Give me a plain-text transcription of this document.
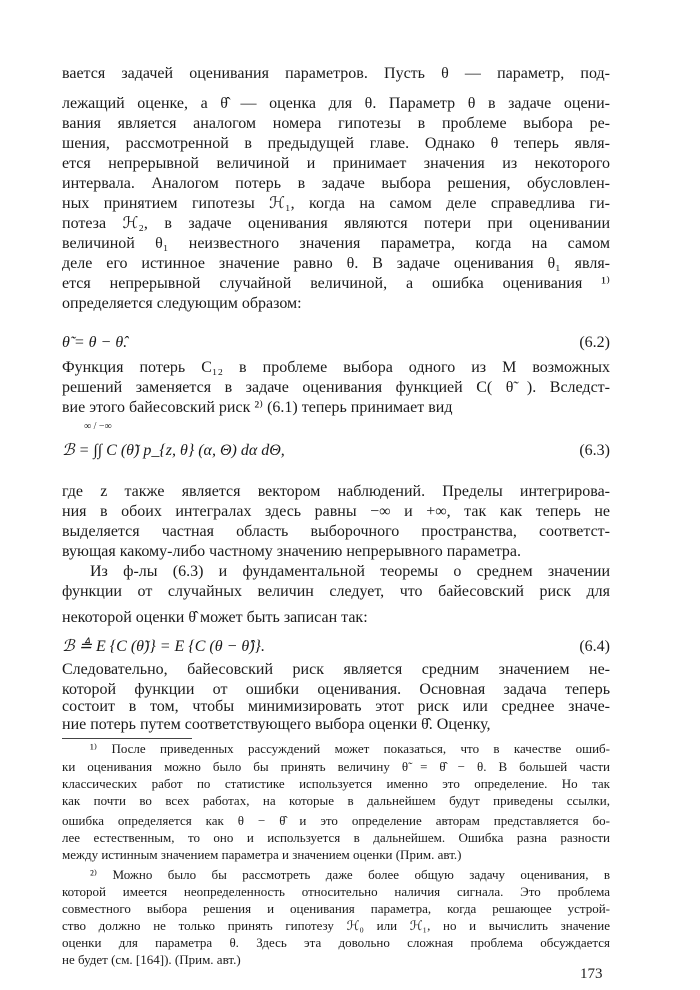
вается задачей оценивания параметров. Пусть θ — параметр, под-
лежащий оценке, а θ̂ — оценка для θ. Параметр θ в задаче оцени-
вания является аналогом номера гипотезы в проблеме выбора ре-
шения, рассмотренной в предыдущей главе. Однако θ теперь явля-
ется непрерывной величиной и принимает значения из некоторого
интервала. Аналогом потерь в задаче выбора решения, обусловлен-
ных принятием гипотезы ℋ₁, когда на самом деле справедлива ги-
потеза ℋ₂, в задаче оценивания являются потери при оценивании
величиной θ₁ неизвестного значения параметра, когда на самом
деле его истинное значение равно θ. В задаче оценивания θ₁ явля-
ется непрерывной случайной величиной, а ошибка оценивания ¹⁾
определяется следующим образом:
θ̃ = θ − θ̂.	(6.2)
Функция потерь C₁₂ в проблеме выбора одного из M возможных
решений заменяется в задаче оценивания функцией C( θ̃ ). Вследст-
вие этого байесовский риск ²⁾ (6.1) теперь принимает вид
ℬ = ∫∫ C (θ̃) p_{z, θ} (α, Θ) dα dΘ,
∞ / −∞
(6.3)
где z также является вектором наблюдений. Пределы интегрирова-
ния в обоих интегралах здесь равны −∞ и +∞, так как теперь не
выделяется частная область выборочного пространства, соответст-
вующая какому-либо частному значению непрерывного параметра.
Из ф-лы (6.3) и фундаментальной теоремы о среднем значении
функции от случайных величин следует, что байесовский риск для
некоторой оценки θ̂ может быть записан так:
ℬ ≜ E {C (θ̃)} = E {C (θ − θ̂)}.	(6.4)
Следовательно, байесовский риск является средним значением не-
которой функции от ошибки оценивания. Основная задача теперь
¹⁾ После приведенных рассуждений может показаться, что в качестве ошиб-
ки оценивания можно было бы принять величину θ̃ = θ̂ − θ. В большей части
классических работ по статистике используется именно это определение. Но так
как почти во всех работах, на которые в дальнейшем будут приведены ссылки,
ошибка определяется как θ − θ̂ и это определение авторам представляется бо-
лее естественным, то оно и используется в дальнейшем. Ошибка разна разности
между истинным значением параметра и значением оценки (Прим. авт.)
²⁾ Можно было бы рассмотреть даже более общую задачу оценивания, в
которой имеется неопределенность относительно наличия сигнала. Это проблема
совместного выбора решения и оценивания параметра, когда решающее устрой-
ство должно не только принять гипотезу ℋ₀ или ℋ₁, но и вычислить значение
оценки для параметра θ. Здесь эта довольно сложная проблема обсуждается
не будет (см. [164]). (Прим. авт.)
173
состоит в том, чтобы минимизировать этот риск или среднее значе-
ние потерь путем соответствующего выбора оценки θ̂. Оценку,
